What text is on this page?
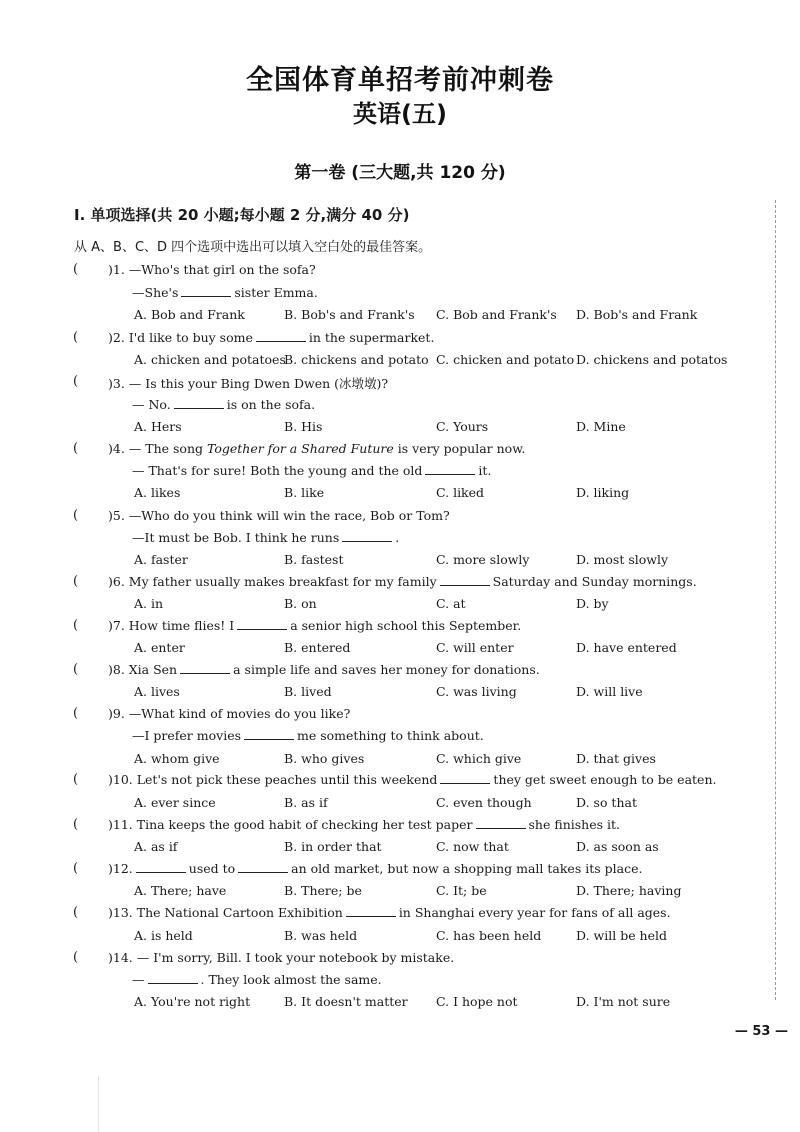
全国体育单招考前冲刺卷
英语(五)
第一卷 (三大题,共 120 分)
Ⅰ. 单项选择(共 20 小题;每小题 2 分,满分 40 分)
从 A、B、C、D 四个选项中选出可以填入空白处的最佳答案。
( )1. —Who's that girl on the sofa?
—She's	sister Emma.
A. Bob and Frank	B. Bob's and Frank's C. Bob and Frank's D. Bob's and Frank
( )2. I'd like to buy some	in the supermarket.
A. chicken and potatoes
B. chickens and potato C. chicken and potato D. chickens and potatos
( )3. — Is this your Bing Dwen Dwen (冰墩墩)?
— No.	is on the sofa.
A. Hers	B. His	C. Yours	D. Mine
( )4. — The song Together for a Shared Future is very popular now.
— That's for sure! Both the young and the old	it.
A. likes	B. like	C. liked	D. liking
( )5. —Who do you think will win the race, Bob or Tom?
—It must be Bob. I think he runs	.
A. faster	B. fastest	C. more slowly	D. most slowly
( )6. My father usually makes breakfast for my family	Saturday and Sunday mornings.
A. in	B. on	C. at	D. by
( )7. How time flies! I	a senior high school this September.
A. enter	B. entered	C. will enter	D. have entered
( )8. Xia Sen	a simple life and saves her money for donations.
A. lives	B. lived	C. was living	D. will live
( )9. —What kind of movies do you like?
—I prefer movies	me something to think about.
A. whom give	B. who gives	C. which give	D. that gives
( )10. Let's not pick these peaches until this weekend	they get sweet enough to be eaten.
A. ever since	B. as if	C. even though	D. so that
( )11. Tina keeps the good habit of checking her test paper	she finishes it.
A. as if	B. in order that	C. now that	D. as soon as
( )12.	used to	an old market, but now a shopping mall takes its place.
A. There; have	B. There; be	C. It; be	D. There; having
( )13. The National Cartoon Exhibition	in Shanghai every year for fans of all ages.
A. is held	B. was held	C. has been held	D. will be held
( )14. — I'm sorry, Bill. I took your notebook by mistake.
—	. They look almost the same.
A. You're not right	B. It doesn't matter C. I hope not	D. I'm not sure
— 53 —
